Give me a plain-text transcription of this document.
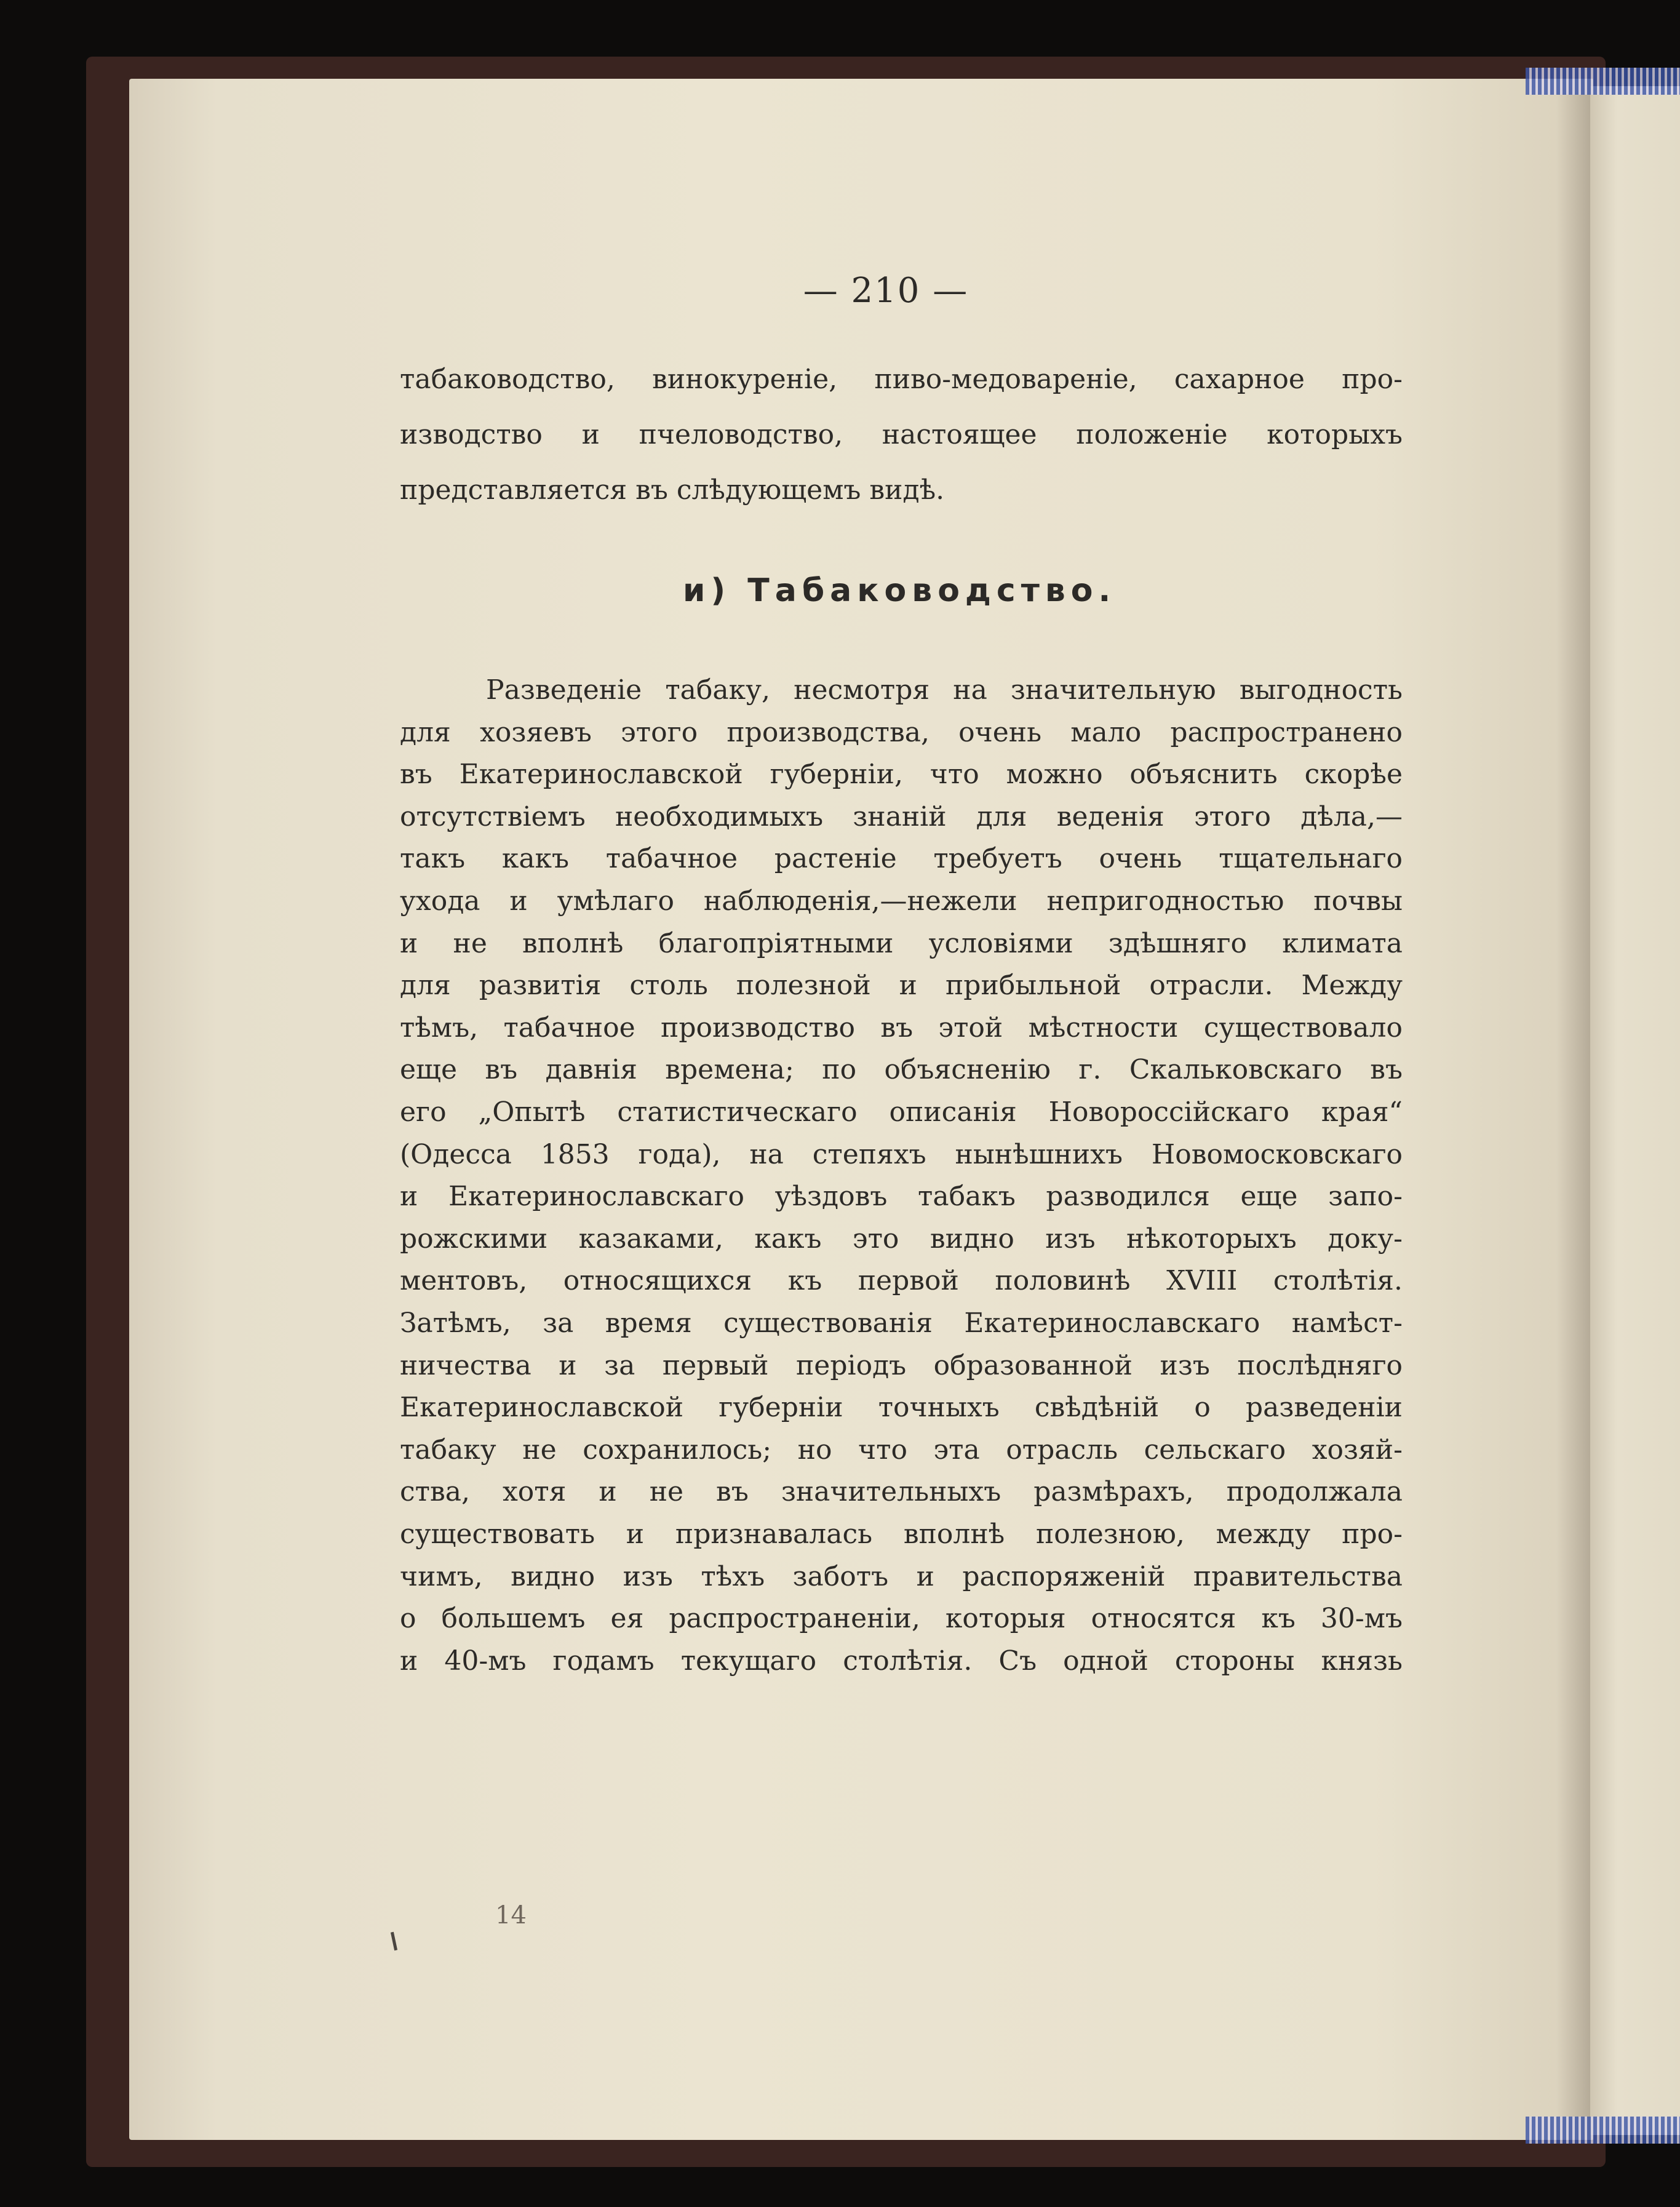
— 210 —
табаководство, винокуреніе, пиво-медовареніе, сахарное про-
изводство и пчеловодство, настоящее положеніе которыхъ
представляется въ слѣдующемъ видѣ.
и) Табаководство.
Разведеніе табаку, несмотря на значительную выгодность
для хозяевъ этого производства, очень мало распространено
въ Екатеринославской губерніи, что можно объяснить скорѣе
отсутствіемъ необходимыхъ знаній для веденія этого дѣла,—
такъ какъ табачное растеніе требуетъ очень тщательнаго
ухода и умѣлаго наблюденія,—нежели непригодностью почвы
и не вполнѣ благопріятными условіями здѣшняго климата
для развитія столь полезной и прибыльной отрасли. Между
тѣмъ, табачное производство въ этой мѣстности существовало
еще въ давнія времена; по объясненію г. Скальковскаго въ
его „Опытѣ статистическаго описанія Новороссійскаго края“
(Одесса 1853 года), на степяхъ нынѣшнихъ Новомосковскаго
и Екатеринославскаго уѣздовъ табакъ разводился еще запо-
рожскими казаками, какъ это видно изъ нѣкоторыхъ доку-
ментовъ, относящихся къ первой половинѣ XVIII столѣтія.
Затѣмъ, за время существованія Екатеринославскаго намѣст-
ничества и за первый періодъ образованной изъ послѣдняго
Екатеринославской губерніи точныхъ свѣдѣній о разведеніи
табаку не сохранилось; но что эта отрасль сельскаго хозяй-
ства, хотя и не въ значительныхъ размѣрахъ, продолжала
существовать и признавалась вполнѣ полезною, между про-
чимъ, видно изъ тѣхъ заботъ и распоряженій правительства
о большемъ ея распространеніи, которыя относятся къ 30-мъ
и 40-мъ годамъ текущаго столѣтія. Съ одной стороны князь
14
